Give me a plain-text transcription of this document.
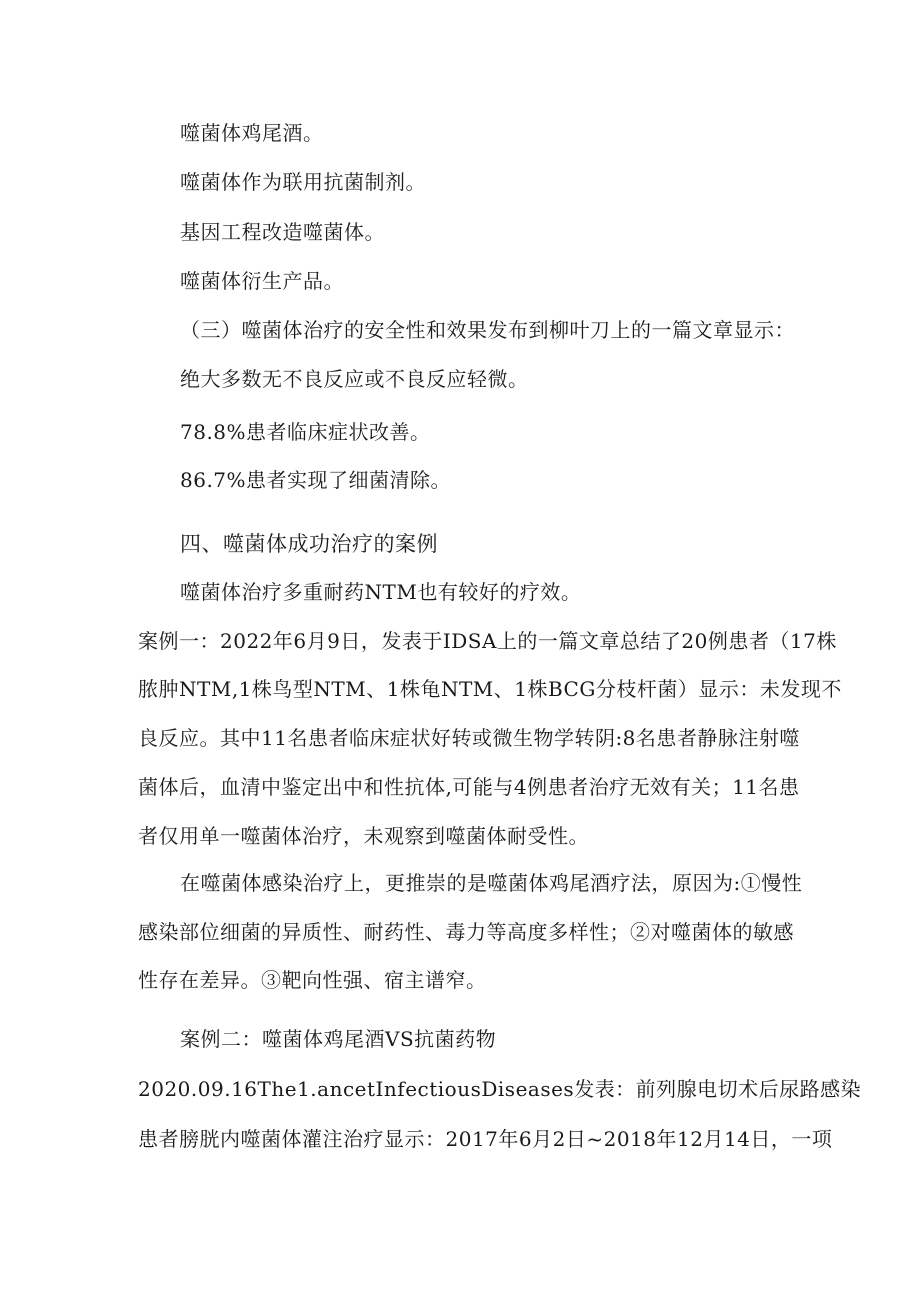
噬菌体鸡尾酒。
噬菌体作为联用抗菌制剂。
基因工程改造噬菌体。
噬菌体衍生产品。
（三）噬菌体治疗的安全性和效果发布到柳叶刀上的一篇文章显示：
绝大多数无不良反应或不良反应轻微。
78.8%患者临床症状改善。
86.7%患者实现了细菌清除。
四、噬菌体成功治疗的案例
噬菌体治疗多重耐药NTM也有较好的疗效。
案例一：2022年6月9日，发表于IDSA上的一篇文章总结了20例患者（17株
脓肿NTM,1株鸟型NTM、1株龟NTM、1株BCG分枝杆菌）显示：未发现不
良反应。其中11名患者临床症状好转或微生物学转阴:8名患者静脉注射噬
菌体后，血清中鉴定出中和性抗体,可能与4例患者治疗无效有关；11名患
者仅用单一噬菌体治疗，未观察到噬菌体耐受性。
在噬菌体感染治疗上，更推崇的是噬菌体鸡尾酒疗法，原因为:①慢性
感染部位细菌的异质性、耐药性、毒力等高度多样性；②对噬菌体的敏感
性存在差异。③靶向性强、宿主谱窄。
案例二：噬菌体鸡尾酒VS抗菌药物
2020.09.16The1.ancetInfectiousDiseases发表：前列腺电切术后尿路感染
患者膀胱内噬菌体灌注治疗显示：2017年6月2日~2018年12月14日，一项
